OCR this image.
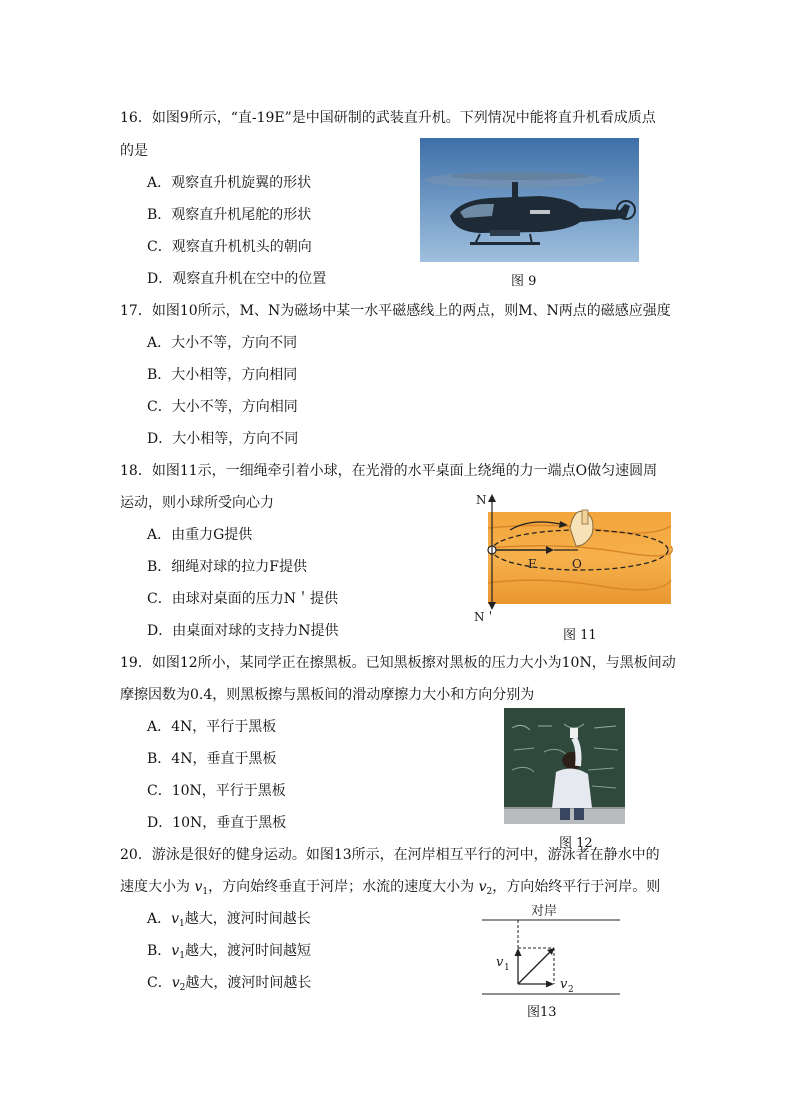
16．如图9所示，“直-19E”是中国研制的武装直升机。下列情况中能将直升机看成质点
的是
A．观察直升机旋翼的形状
B．观察直升机尾舵的形状
C．观察直升机机头的朝向
D．观察直升机在空中的位置	图 9
17．如图10所示，M、N为磁场中某一水平磁感线上的两点，则M、N两点的磁感应强度
A．大小不等，方向不同
B．大小相等，方向相同
C．大小不等，方向相同
D．大小相等，方向不同
18．如图11示，一细绳牵引着小球，在光滑的水平桌面上绕绳的力一端点O做匀速圆周
运动，则小球所受向心力
A．由重力G提供
B．细绳对球的拉力F提供
C．由球对桌面的压力N＇提供
D．由桌面对球的支持力N提供
N
N＇
F	O
图 11
19．如图12所小，某同学正在擦黑板。已知黑板擦对黑板的压力大小为10N，与黑板间动
摩擦因数为0.4，则黑板擦与黑板间的滑动摩擦力大小和方向分别为
A．4N，平行于黑板
B．4N，垂直于黑板
C．10N，平行于黑板
D．10N，垂直于黑板
图 12
20．游泳是很好的健身运动。如图13所示，在河岸相互平行的河中，游泳者在静水中的
速度大小为 $v_1$，方向始终垂直于河岸；水流的速度大小为 $v_2$，方向始终平行于河岸。则
A．$v_1$越大，渡河时间越长
B．$v_1$越大，渡河时间越短
C．$v_2$越大，渡河时间越长
对岸
v 1
v 2
图13
